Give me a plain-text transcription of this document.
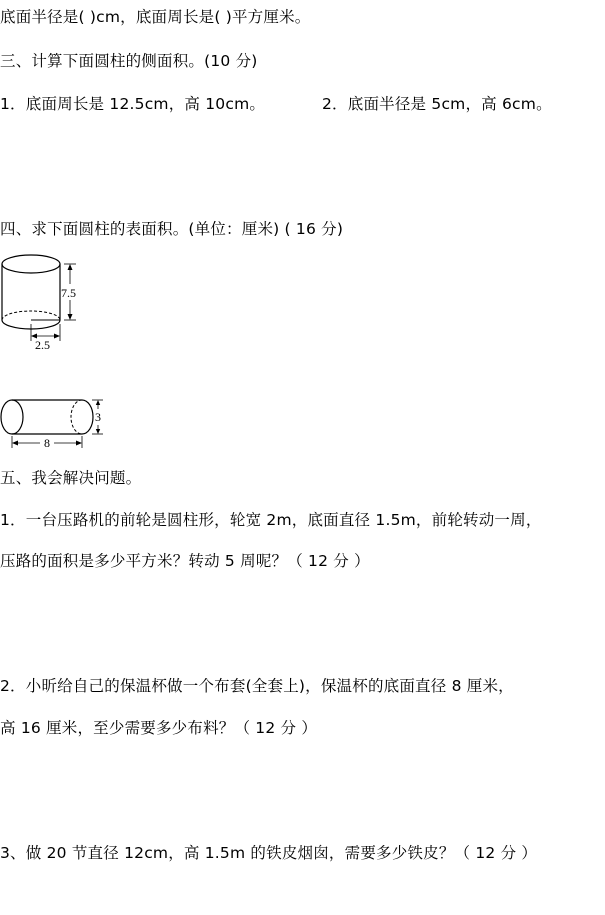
底面半径是( )cm，底面周长是( )平方厘米。
三、计算下面圆柱的侧面积。(10 分)
1．底面周长是 12.5cm，高 10cm。	2．底面半径是 5cm，高 6cm。
四、求下面圆柱的表面积。(单位：厘米) ( 16 分)
7.5
2.5
3
8
五、我会解决问题。
1．一台压路机的前轮是圆柱形，轮宽 2m，底面直径 1.5m，前轮转动一周，
压路的面积是多少平方米？转动 5 周呢？（ 12 分 ）
2．小昕给自己的保温杯做一个布套(全套上)，保温杯的底面直径 8 厘米，
高 16 厘米，至少需要多少布料？（ 12 分 ）
3、做 20 节直径 12cm，高 1.5m 的铁皮烟囱，需要多少铁皮？（ 12 分 ）
